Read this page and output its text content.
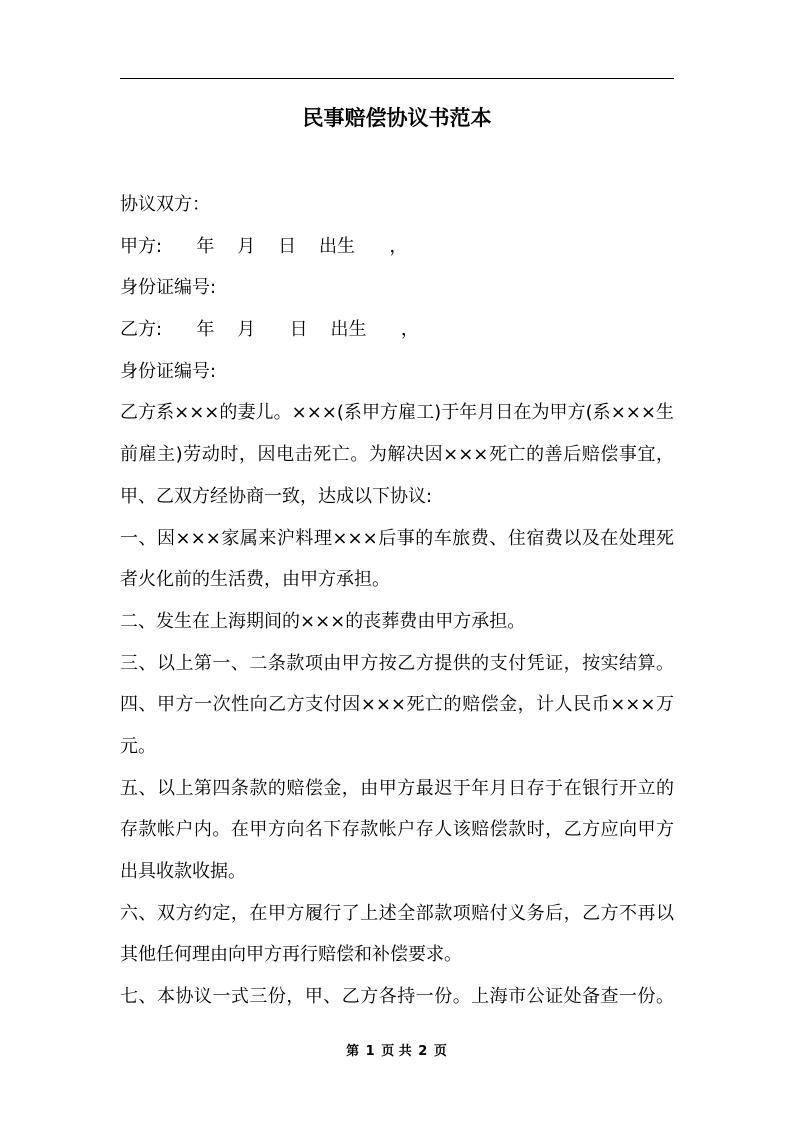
民事赔偿协议书范本
协议双方：
甲方:      年    月    日    出生      ，
身份证编号:
乙方:      年    月      日    出生      ，
身份证编号:
乙方系×××的妻儿。×××(系甲方雇工)于年月日在为甲方(系×××生
前雇主)劳动时，因电击死亡。为解决因×××死亡的善后赔偿事宜，
甲、乙双方经协商一致，达成以下协议:
一、因×××家属来沪料理×××后事的车旅费、住宿费以及在处理死
者火化前的生活费，由甲方承担。
二、发生在上海期间的×××的丧葬费由甲方承担。
三、以上第一、二条款项由甲方按乙方提供的支付凭证，按实结算。
四、甲方一次性向乙方支付因×××死亡的赔偿金，计人民币×××万
元。
五、以上第四条款的赔偿金，由甲方最迟于年月日存于在银行开立的
存款帐户内。在甲方向名下存款帐户存人该赔偿款时，乙方应向甲方
出具收款收据。
六、双方约定，在甲方履行了上述全部款项赔付义务后，乙方不再以
其他任何理由向甲方再行赔偿和补偿要求。
七、本协议一式三份，甲、乙方各持一份。上海市公证处备查一份。
第 1 页 共 2 页
